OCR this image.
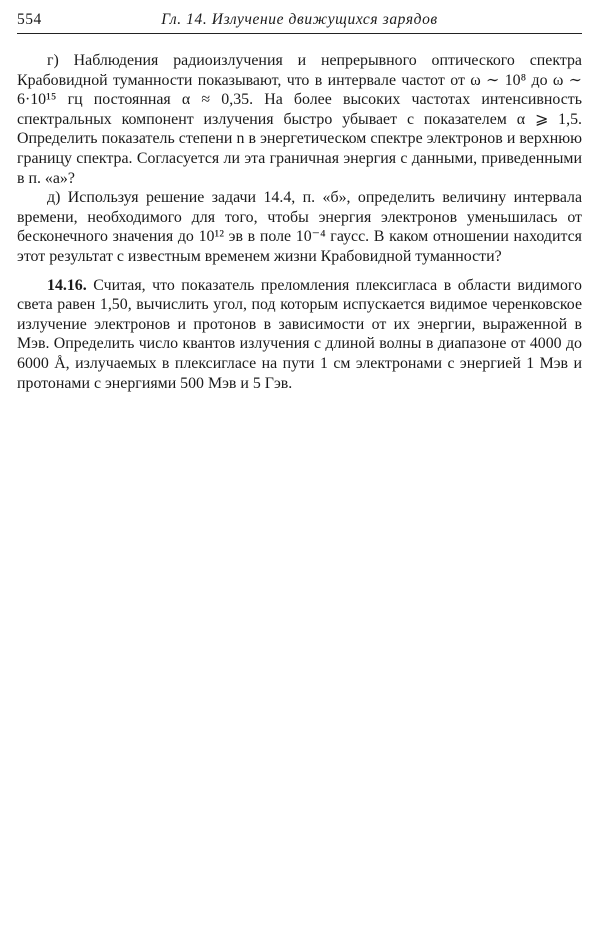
554	Гл. 14. Излучение движущихся зарядов

г) Наблюдения радиоизлучения и непрерывного оптического спектра Крабовидной туманности показывают, что в интервале частот от ω ∼ 10⁸ до ω ∼ 6·10¹⁵ гц постоянная α ≈ 0,35. На более высоких частотах интенсивность спектральных компонент излучения быстро убывает с показателем α ⩾ 1,5. Определить показатель степени n в энергетическом спектре электронов и верхнюю границу спектра. Согласуется ли эта граничная энергия с данными, приведенными в п. «а»?

д) Используя решение задачи 14.4, п. «б», определить величину интервала времени, необходимого для того, чтобы энергия электронов уменьшилась от бесконечного значения до 10¹² эв в поле 10⁻⁴ гаусс. В каком отношении находится этот результат с известным временем жизни Крабовидной туманности?

14.16. Считая, что показатель преломления плексигласа в области видимого света равен 1,50, вычислить угол, под которым испускается видимое черенковское излучение электронов и протонов в зависимости от их энергии, выраженной в Мэв. Определить число квантов излучения с длиной волны в диапазоне от 4000 до 6000 Å, излучаемых в плексигласе на пути 1 см электронами с энергией 1 Мэв и протонами с энергиями 500 Мэв и 5 Гэв.
